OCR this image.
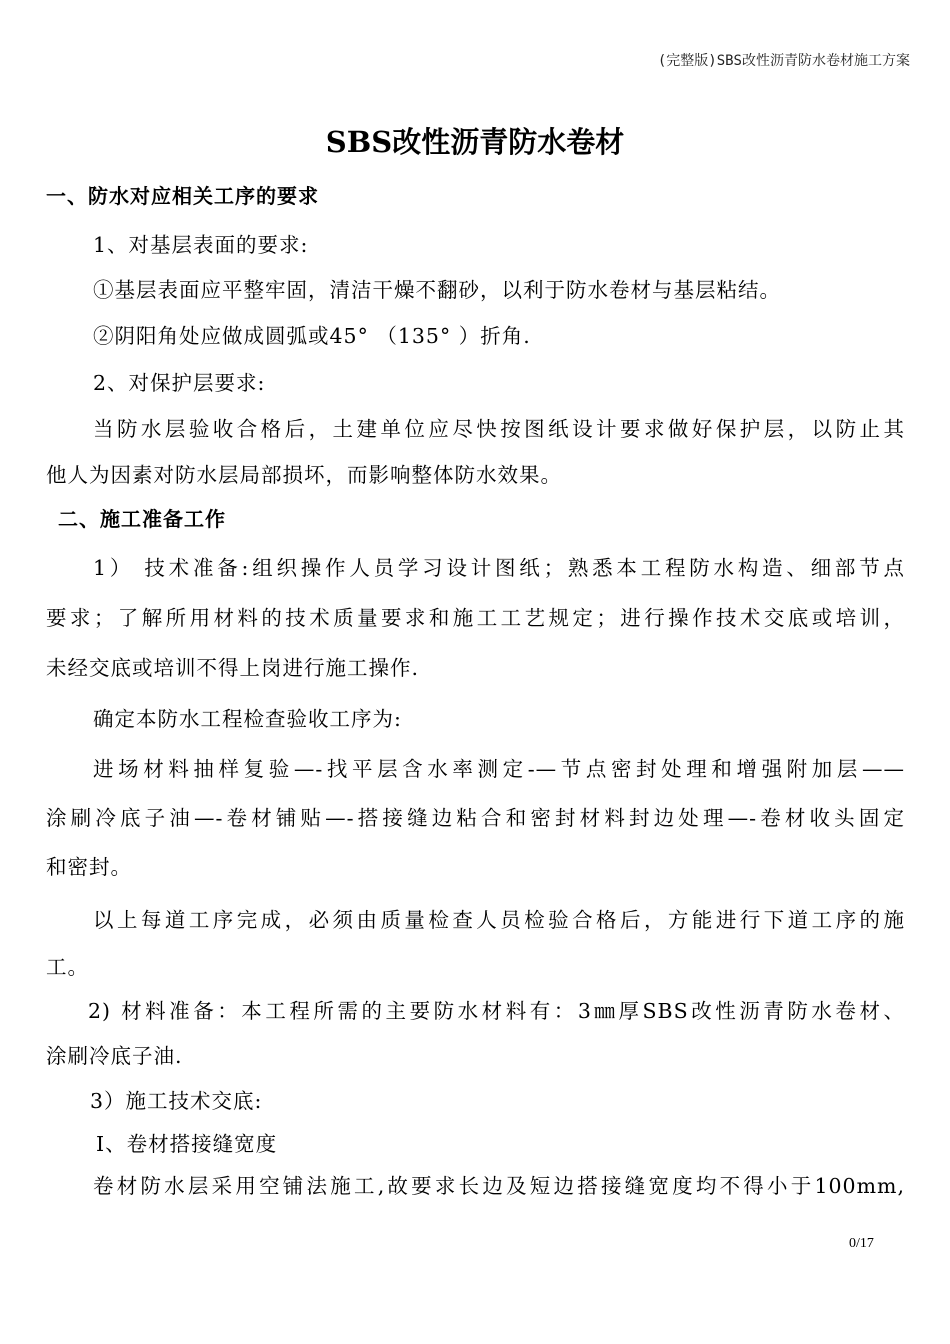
(完整版)SBS改性沥青防水卷材施工方案
SBS改性沥青防水卷材
一、防水对应相关工序的要求
1、对基层表面的要求:
①基层表面应平整牢固，清洁干燥不翻砂，以利于防水卷材与基层粘结。
②阴阳角处应做成圆弧或45° （135° ）折角.
2、对保护层要求:
当防水层验收合格后，土建单位应尽快按图纸设计要求做好保护层，以防止其
他人为因素对防水层局部损坏，而影响整体防水效果。
二、施工准备工作
1） 技术准备:组织操作人员学习设计图纸；熟悉本工程防水构造、细部节点
要求；了解所用材料的技术质量要求和施工工艺规定；进行操作技术交底或培训，
未经交底或培训不得上岗进行施工操作.
确定本防水工程检查验收工序为:
进场材料抽样复验—-找平层含水率测定-—节点密封处理和增强附加层——
涂刷冷底子油—-卷材铺贴—-搭接缝边粘合和密封材料封边处理—-卷材收头固定
和密封。
以上每道工序完成，必须由质量检查人员检验合格后，方能进行下道工序的施
工。
2) 材料准备：本工程所需的主要防水材料有：3㎜厚SBS改性沥青防水卷材、
涂刷冷底子油.
3）施工技术交底:
Ⅰ、卷材搭接缝宽度
卷材防水层采用空铺法施工,故要求长边及短边搭接缝宽度均不得小于100mm,
0/17
